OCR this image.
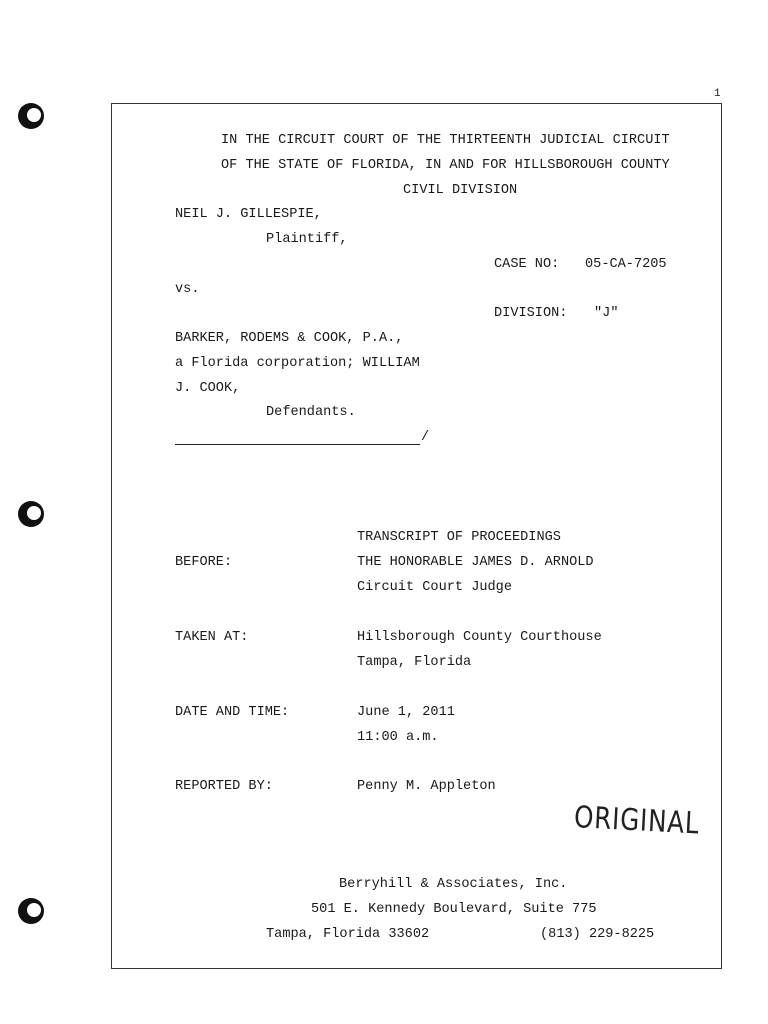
1
IN THE CIRCUIT COURT OF THE THIRTEENTH JUDICIAL CIRCUIT
OF THE STATE OF FLORIDA, IN AND FOR HILLSBOROUGH COUNTY
CIVIL DIVISION
NEIL J. GILLESPIE,
Plaintiff,
CASE NO: 05-CA-7205
vs.
DIVISION: "J"
BARKER, RODEMS & COOK, P.A.,
a Florida corporation; WILLIAM
J. COOK,
Defendants.
/
TRANSCRIPT OF PROCEEDINGS
BEFORE:	THE HONORABLE JAMES D. ARNOLD
Circuit Court Judge
TAKEN AT:	Hillsborough County Courthouse
Tampa, Florida
DATE AND TIME:	June 1, 2011
11:00 a.m.
REPORTED BY:	Penny M. Appleton
ORIGINAL
Berryhill & Associates, Inc.
501 E. Kennedy Boulevard, Suite 775
Tampa, Florida 33602	(813) 229-8225
